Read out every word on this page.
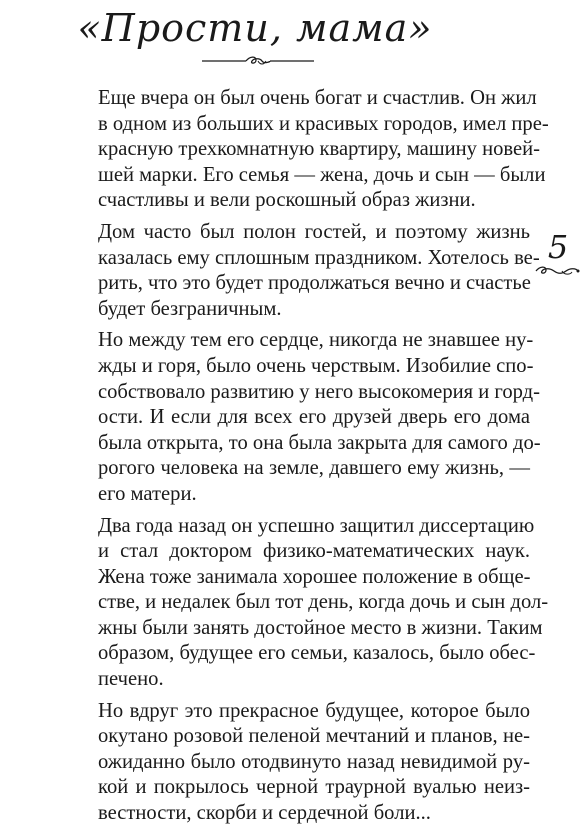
«Прости, мама»
5

Еще вчера он был очень богат и счастлив. Он жил
в одном из больших и красивых городов, имел пре-
красную трехкомнатную квартиру, машину новей-
шей марки. Его семья — жена, дочь и сын — были
счастливы и вели роскошный образ жизни.

Дом часто был полон гостей, и поэтому жизнь
казалась ему сплошным праздником. Хотелось ве-
рить, что это будет продолжаться вечно и счастье
будет безграничным.

Но между тем его сердце, никогда не знавшее ну-
жды и горя, было очень черствым. Изобилие спо-
собствовало развитию у него высокомерия и горд-
ости. И если для всех его друзей дверь его дома
была открыта, то она была закрыта для самого до-
рогого человека на земле, давшего ему жизнь, —
его матери.

Два года назад он успешно защитил диссертацию
и стал доктором физико-математических наук.
Жена тоже занимала хорошее положение в обще-
стве, и недалек был тот день, когда дочь и сын дол-
жны были занять достойное место в жизни. Таким
образом, будущее его семьи, казалось, было обес-
печено.

Но вдруг это прекрасное будущее, которое было
окутано розовой пеленой мечтаний и планов, не-
ожиданно было отодвинуто назад невидимой ру-
кой и покрылось черной траурной вуалью неиз-
вестности, скорби и сердечной боли...
